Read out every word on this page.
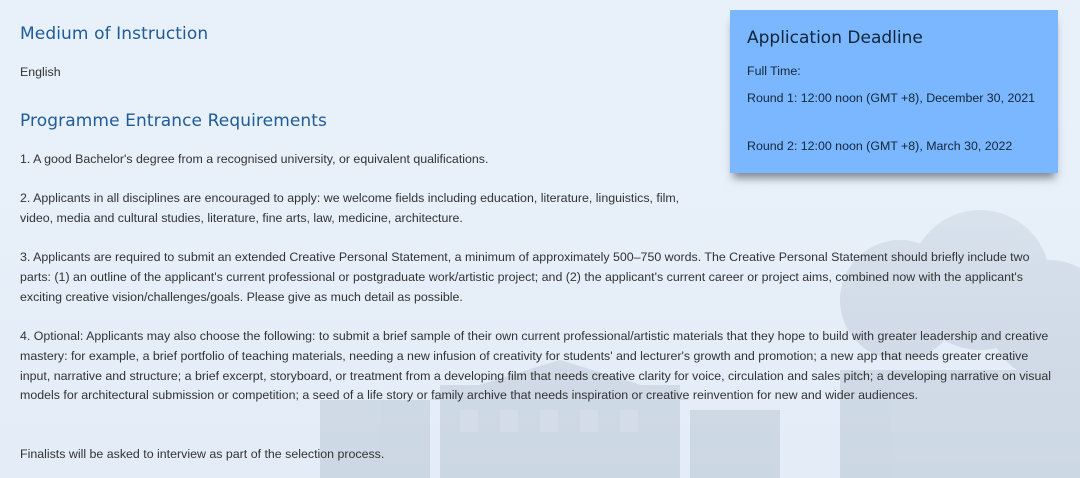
Medium of Instruction

English

Programme Entrance Requirements

1. A good Bachelor's degree from a recognised university, or equivalent qualifications.

2. Applicants in all disciplines are encouraged to apply: we welcome fields including education, literature, linguistics, film, video, media and cultural studies, literature, fine arts, law, medicine, architecture.

3. Applicants are required to submit an extended Creative Personal Statement, a minimum of approximately 500–750 words. The Creative Personal Statement should briefly include two parts: (1) an outline of the applicant's current professional or postgraduate work/artistic project; and (2) the applicant's current career or project aims, combined now with the applicant's exciting creative vision/challenges/goals. Please give as much detail as possible.

4. Optional: Applicants may also choose the following: to submit a brief sample of their own current professional/artistic materials that they hope to build with greater leadership and creative mastery: for example, a brief portfolio of teaching materials, needing a new infusion of creativity for students' and lecturer's growth and promotion; a new app that needs greater creative input, narrative and structure; a brief excerpt, storyboard, or treatment from a developing film that needs creative clarity for voice, circulation and sales pitch; a developing narrative on visual models for architectural submission or competition; a seed of a life story or family archive that needs inspiration or creative reinvention for new and wider audiences.

Finalists will be asked to interview as part of the selection process.

Application Deadline

Full Time:

Round 1: 12:00 noon (GMT +8), December 30, 2021

Round 2: 12:00 noon (GMT +8), March 30, 2022
